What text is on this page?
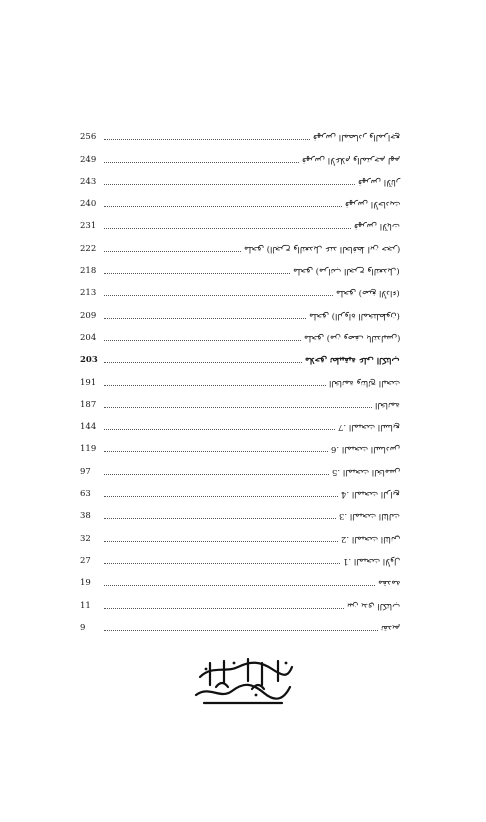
256	فهرس المصادر والمراجع
249	فهرس الأعلام والمترجم لهم
243	فهرس الآثار
240	فهرس الأحاديث
231	فهرس الآيات
222	ملحق (الجرح والتعديل عند الحافظ ابن حجر)
218	ملحق (مراتب الجرح والتعديل)
213	ملحق (صيغ الأداء)
209	ملحق (الرواة المختلطون)
204	ملحق (من وصف بالتدليس)
203	ملاحق تطبيقية على الكتاب
191	الخاتمة ونتائج البحث
187	الخاتمة
144	7. المبحث السابع
119	6. المبحث السادس
97	5. المبحث الخامس
63	4. المبحث الرابع
38	3. المبحث الثالث
32	2. المبحث الثاني
27	1. المبحث الأول
19	مقدمة
11	بين يدي الكتاب
9	تقديم
